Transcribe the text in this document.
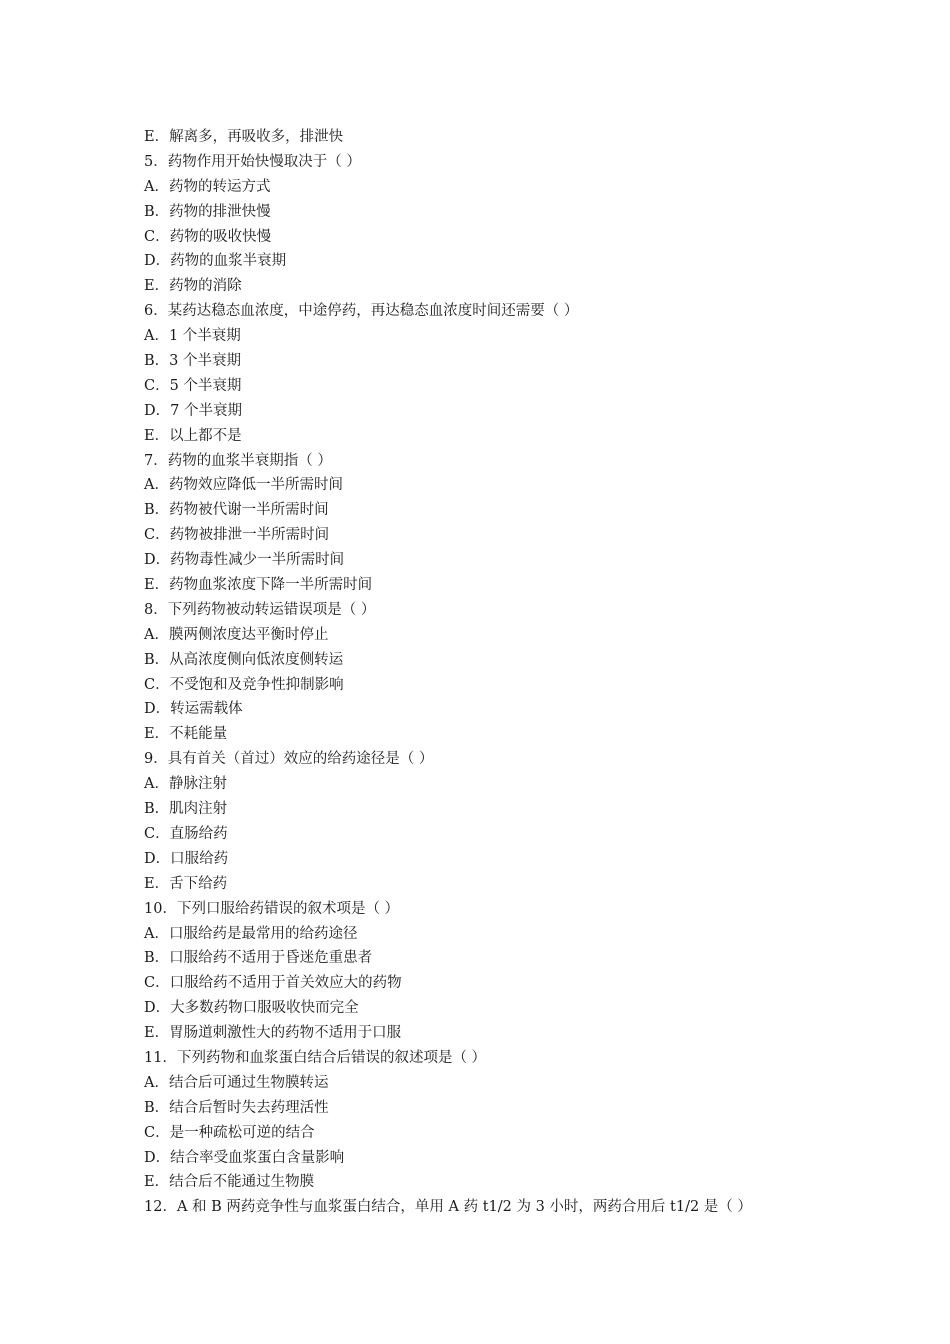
E．解离多，再吸收多，排泄快
5．药物作用开始快慢取决于（ ）
A．药物的转运方式
B．药物的排泄快慢
C．药物的吸收快慢
D．药物的血浆半衰期
E．药物的消除
6．某药达稳态血浓度，中途停药，再达稳态血浓度时间还需要（ ）
A．1 个半衰期
B．3 个半衰期
C．5 个半衰期
D．7 个半衰期
E．以上都不是
7．药物的血浆半衰期指（ ）
A．药物效应降低一半所需时间
B．药物被代谢一半所需时间
C．药物被排泄一半所需时间
D．药物毒性减少一半所需时间
E．药物血浆浓度下降一半所需时间
8．下列药物被动转运错误项是（ ）
A．膜两侧浓度达平衡时停止
B．从高浓度侧向低浓度侧转运
C．不受饱和及竞争性抑制影响
D．转运需载体
E．不耗能量
9．具有首关（首过）效应的给药途径是（ ）
A．静脉注射
B．肌肉注射
C．直肠给药
D．口服给药
E．舌下给药
10．下列口服给药错误的叙术项是（ ）
A．口服给药是最常用的给药途径
B．口服给药不适用于昏迷危重患者
C．口服给药不适用于首关效应大的药物
D．大多数药物口服吸收快而完全
E．胃肠道刺激性大的药物不适用于口服
11．下列药物和血浆蛋白结合后错误的叙述项是（ ）
A．结合后可通过生物膜转运
B．结合后暂时失去药理活性
C．是一种疏松可逆的结合
D．结合率受血浆蛋白含量影响
E．结合后不能通过生物膜
12．A 和 B 两药竞争性与血浆蛋白结合，单用 A 药 t1/2 为 3 小时，两药合用后 t1/2 是（ ）
